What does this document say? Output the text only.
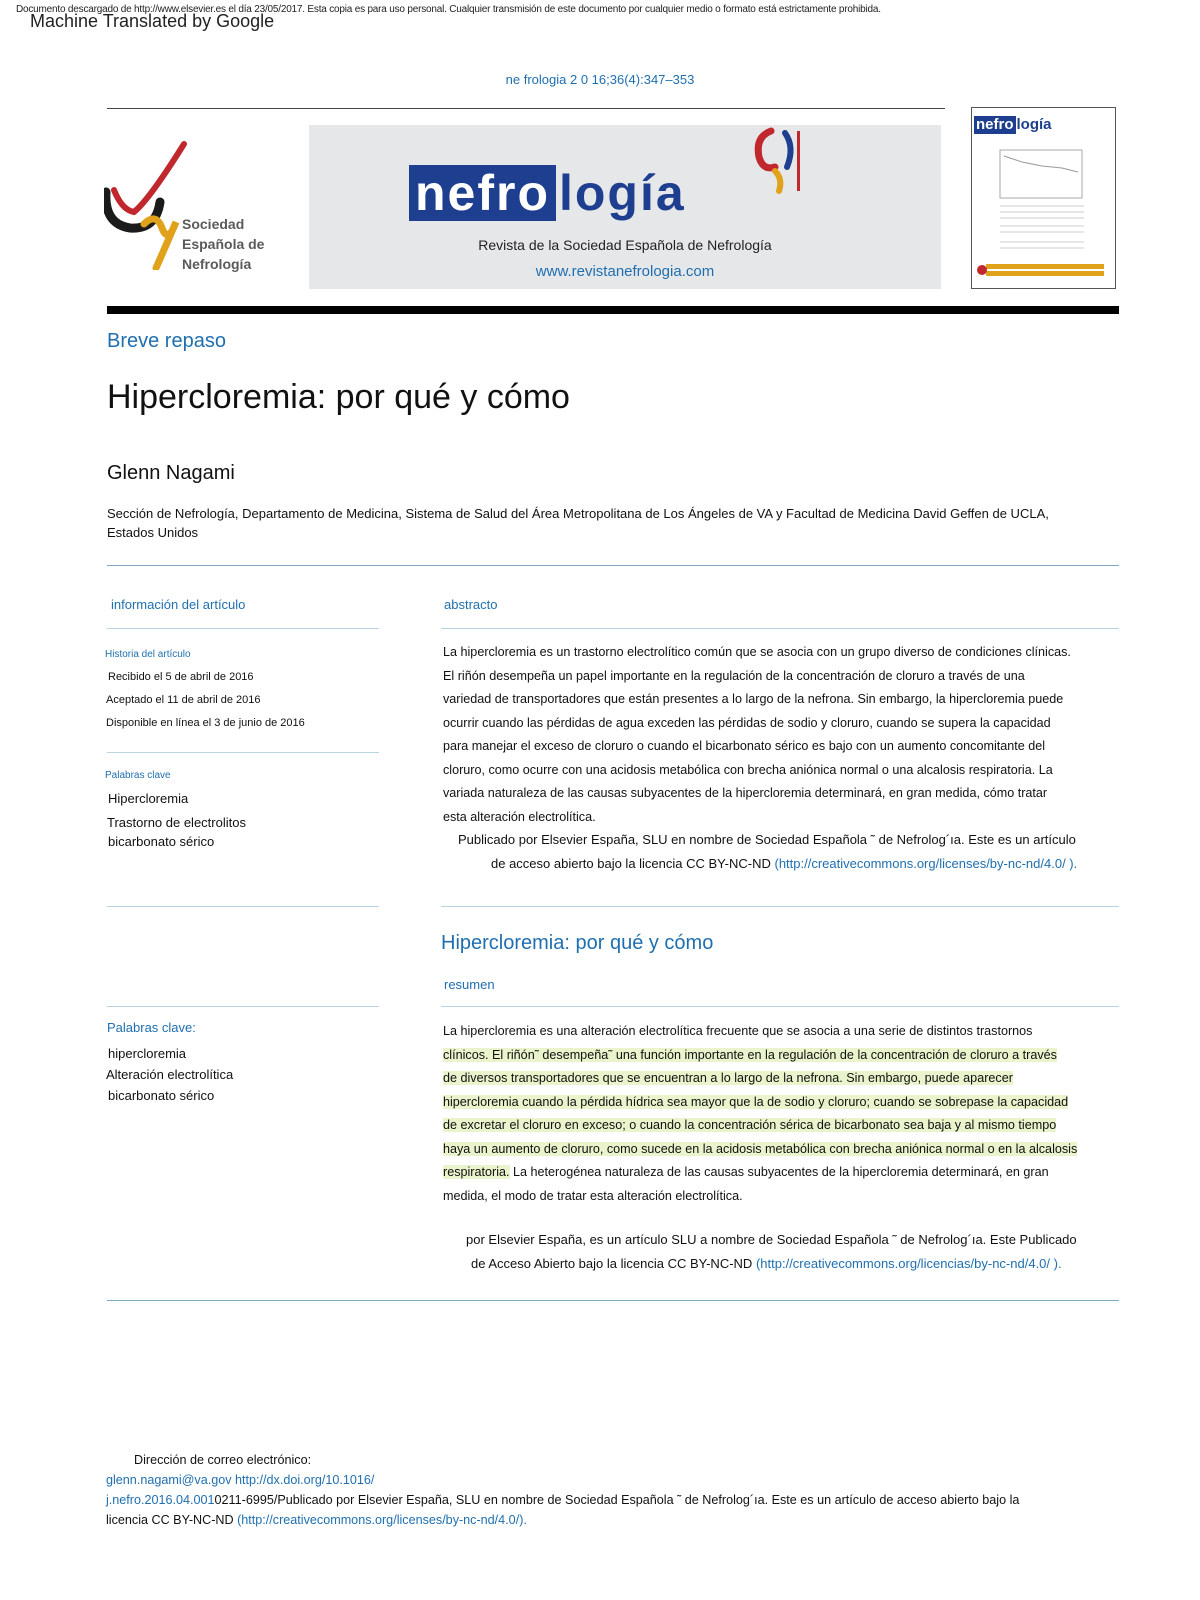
Documento descargado de http://www.elsevier.es el día 23/05/2017. Esta copia es para uso personal. Cualquier transmisión de este documento por cualquier medio o formato está estrictamente prohibida.
Machine Translated by Google
ne frologia 2 0 16;36(4):347–353
Sociedad
Española de
Nefrología
nefro logía
Revista de la Sociedad Española de Nefrología
www.revistanefrologia.com
nefro logía
Breve repaso
Hipercloremia: por qué y cómo
Glenn Nagami
Sección de Nefrología, Departamento de Medicina, Sistema de Salud del Área Metropolitana de Los Ángeles de VA y Facultad de Medicina David Geffen de UCLA, Estados Unidos
información del artículo
Historia del artículo
Recibido el 5 de abril de 2016
Aceptado el 11 de abril de 2016
Disponible en línea el 3 de junio de 2016
Palabras clave
Hipercloremia
Trastorno de electrolitos
bicarbonato sérico
abstracto
La hipercloremia es un trastorno electrolítico común que se asocia con un grupo diverso de condiciones clínicas.
El riñón desempeña un papel importante en la regulación de la concentración de cloruro a través de una
variedad de transportadores que están presentes a lo largo de la nefrona. Sin embargo, la hipercloremia puede
ocurrir cuando las pérdidas de agua exceden las pérdidas de sodio y cloruro, cuando se supera la capacidad
para manejar el exceso de cloruro o cuando el bicarbonato sérico es bajo con un aumento concomitante del
cloruro, como ocurre con una acidosis metabólica con brecha aniónica normal o una alcalosis respiratoria. La
variada naturaleza de las causas subyacentes de la hipercloremia determinará, en gran medida, cómo tratar
esta alteración electrolítica.
Publicado por Elsevier España, SLU en nombre de Sociedad Española ˜ de Nefrolog´ıa. Este es un artículo
de acceso abierto bajo la licencia CC BY-NC-ND (http://creativecommons.org/licenses/by-nc-nd/4.0/ ).
Hipercloremia: por qué y cómo
resumen
Palabras clave:
hipercloremia
Alteración electrolítica
bicarbonato sérico
La hipercloremia es una alteración electrolítica frecuente que se asocia a una serie de distintos trastornos
clínicos. El riñón˜ desempeña˜ una función importante en la regulación de la concentración de cloruro a través
de diversos transportadores que se encuentran a lo largo de la nefrona. Sin embargo, puede aparecer
hipercloremia cuando la pérdida hídrica sea mayor que la de sodio y cloruro; cuando se sobrepase la capacidad
de excretar el cloruro en exceso; o cuando la concentración sérica de bicarbonato sea baja y al mismo tiempo
haya un aumento de cloruro, como sucede en la acidosis metabólica con brecha aniónica normal o en la alcalosis
respiratoria. La heterogénea naturaleza de las causas subyacentes de la hipercloremia determinará, en gran
medida, el modo de tratar esta alteración electrolítica.
por Elsevier España, es un artículo SLU a nombre de Sociedad Española ˜ de Nefrolog´ıa. Este Publicado
de Acceso Abierto bajo la licencia CC BY-NC-ND (http://creativecommons.org/licencias/by-nc-nd/4.0/ ).
Dirección de correo electrónico:
glenn.nagami@va.gov http://dx.doi.org/10.1016/
j.nefro.2016.04.0010211-6995/Publicado por Elsevier España, SLU en nombre de Sociedad Española ˜ de Nefrolog´ıa. Este es un artículo de acceso abierto bajo la
licencia CC BY-NC-ND (http://creativecommons.org/licenses/by-nc-nd/4.0/).
